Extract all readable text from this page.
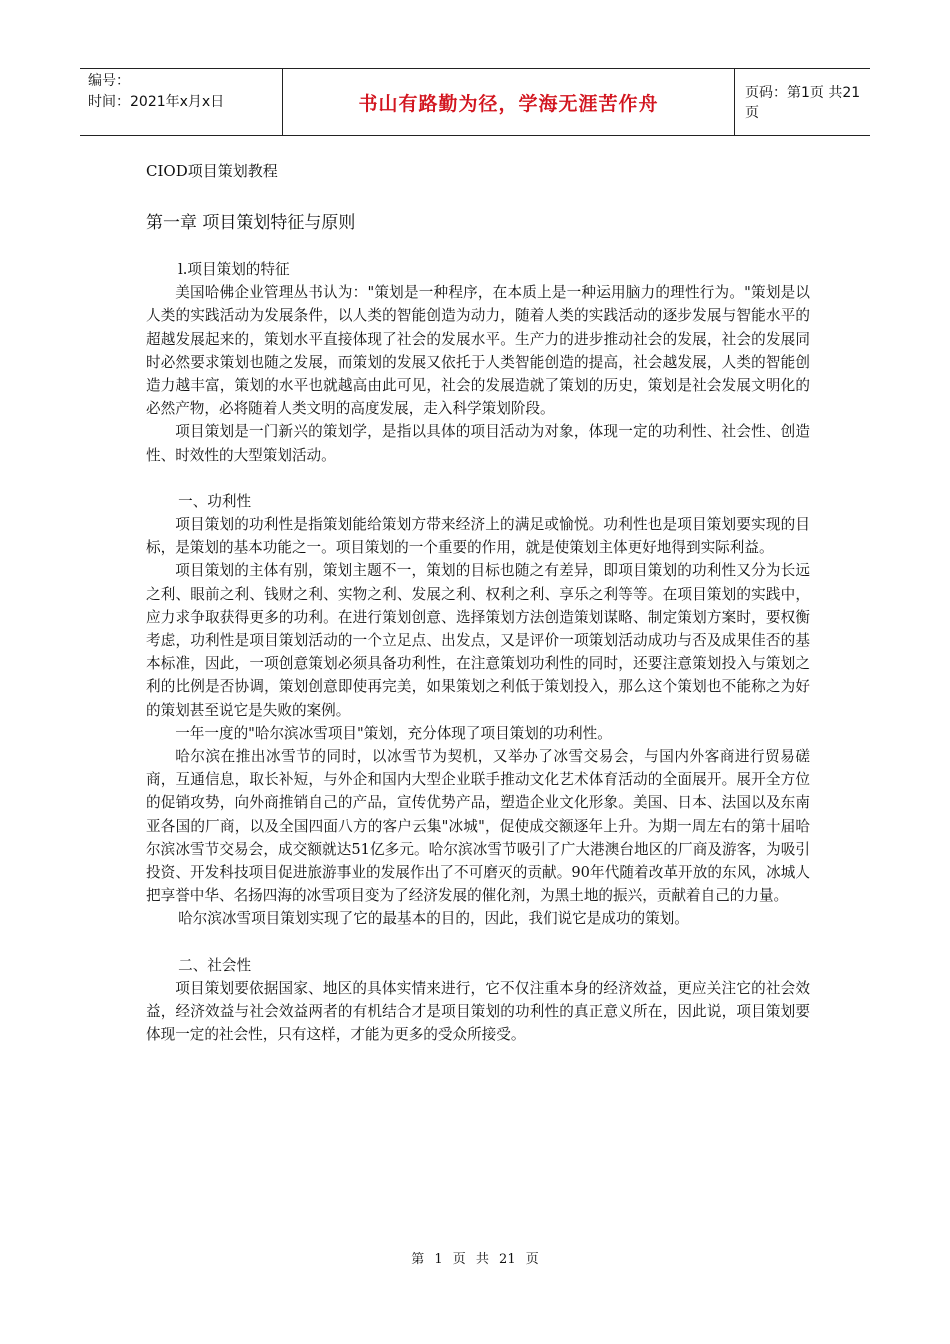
编号：
时间：2021年x月x日	书山有路勤为径，学海无涯苦作舟	页码：第1页 共21页
CIOD项目策划教程
第一章 项目策划特征与原则

l.项目策划的特征

美国哈佛企业管理丛书认为："策划是一种程序，在本质上是一种运用脑力的理性行为。"策划是以人类的实践活动为发展条件，以人类的智能创造为动力，随着人类的实践活动的逐步发展与智能水平的超越发展起来的，策划水平直接体现了社会的发展水平。生产力的进步推动社会的发展，社会的发展同时必然要求策划也随之发展，而策划的发展又依托于人类智能创造的提高，社会越发展，人类的智能创造力越丰富，策划的水平也就越高由此可见，社会的发展造就了策划的历史，策划是社会发展文明化的必然产物，必将随着人类文明的高度发展，走入科学策划阶段。

项目策划是一门新兴的策划学，是指以具体的项目活动为对象，体现一定的功利性、社会性、创造性、时效性的大型策划活动。

一、功利性

项目策划的功利性是指策划能给策划方带来经济上的满足或愉悦。功利性也是项目策划要实现的目标，是策划的基本功能之一。项目策划的一个重要的作用，就是使策划主体更好地得到实际利益。

项目策划的主体有别，策划主题不一，策划的目标也随之有差异，即项目策划的功利性又分为长远之利、眼前之利、钱财之利、实物之利、发展之利、权利之利、享乐之利等等。在项目策划的实践中，应力求争取获得更多的功利。在进行策划创意、选择策划方法创造策划谋略、制定策划方案时，要权衡考虑，功利性是项目策划活动的一个立足点、出发点，又是评价一项策划活动成功与否及成果佳否的基本标准，因此，一项创意策划必须具备功利性，在注意策划功利性的同时，还要注意策划投入与策划之利的比例是否协调，策划创意即使再完美，如果策划之利低于策划投入，那么这个策划也不能称之为好的策划甚至说它是失败的案例。

一年一度的"哈尔滨冰雪项目"策划，充分体现了项目策划的功利性。

哈尔滨在推出冰雪节的同时，以冰雪节为契机，又举办了冰雪交易会，与国内外客商进行贸易磋商，互通信息，取长补短，与外企和国内大型企业联手推动文化艺术体育活动的全面展开。展开全方位的促销攻势，向外商推销自己的产品，宣传优势产品，塑造企业文化形象。美国、日本、法国以及东南亚各国的厂商，以及全国四面八方的客户云集"冰城"，促使成交额逐年上升。为期一周左右的第十届哈尔滨冰雪节交易会，成交额就达51亿多元。哈尔滨冰雪节吸引了广大港澳台地区的厂商及游客，为吸引投资、开发科技项目促进旅游事业的发展作出了不可磨灭的贡献。90年代随着改革开放的东风，冰城人把享誉中华、名扬四海的冰雪项目变为了经济发展的催化剂，为黑土地的振兴，贡献着自己的力量。

哈尔滨冰雪项目策划实现了它的最基本的目的，因此，我们说它是成功的策划。

二、社会性

项目策划要依据国家、地区的具体实情来进行，它不仅注重本身的经济效益，更应关注它的社会效益，经济效益与社会效益两者的有机结合才是项目策划的功利性的真正意义所在，因此说，项目策划要体现一定的社会性，只有这样，才能为更多的受众所接受。

第 1 页 共 21 页
